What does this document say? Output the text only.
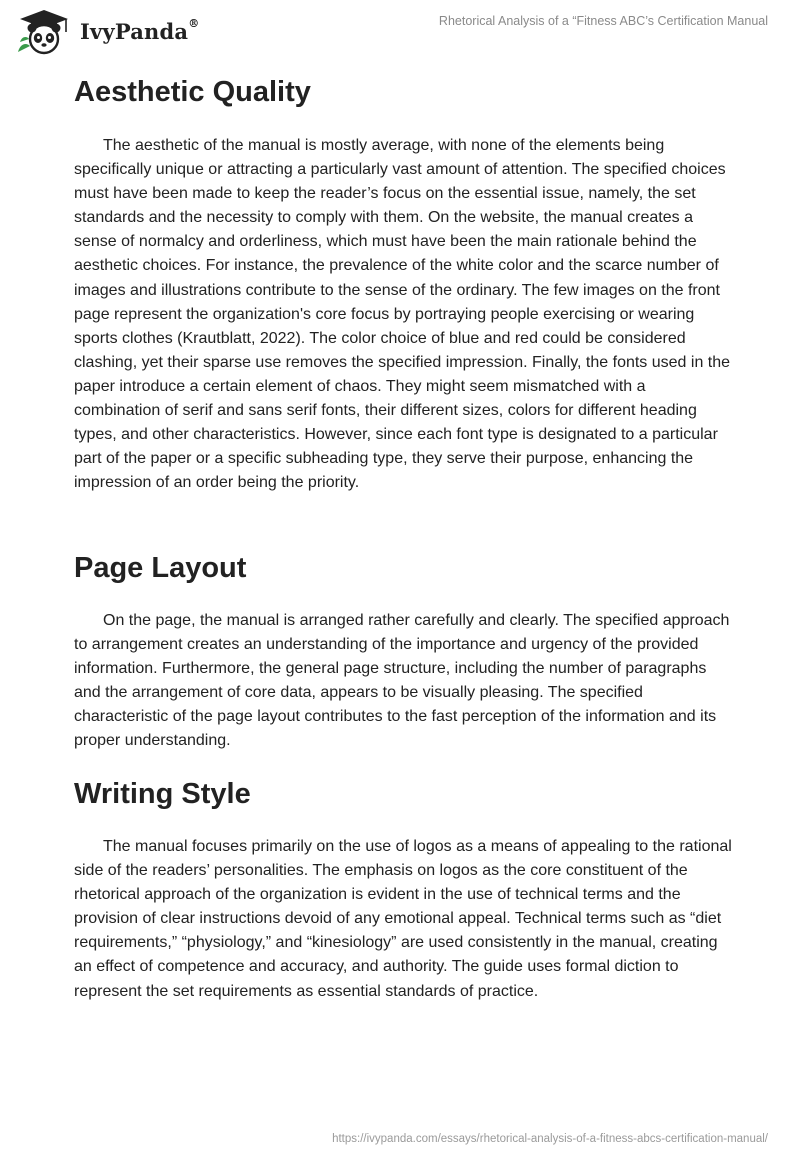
IvyPanda®	Rhetorical Analysis of a “Fitness ABC’s Certification Manual
Aesthetic Quality

The aesthetic of the manual is mostly average, with none of the elements being specifically unique or attracting a particularly vast amount of attention. The specified choices must have been made to keep the reader’s focus on the essential issue, namely, the set standards and the necessity to comply with them. On the website, the manual creates a sense of normalcy and orderliness, which must have been the main rationale behind the aesthetic choices. For instance, the prevalence of the white color and the scarce number of images and illustrations contribute to the sense of the ordinary. The few images on the front page represent the organization's core focus by portraying people exercising or wearing sports clothes (Krautblatt, 2022). The color choice of blue and red could be considered clashing, yet their sparse use removes the specified impression. Finally, the fonts used in the paper introduce a certain element of chaos. They might seem mismatched with a combination of serif and sans serif fonts, their different sizes, colors for different heading types, and other characteristics. However, since each font type is designated to a particular part of the paper or a specific subheading type, they serve their purpose, enhancing the impression of an order being the priority.

Page Layout

On the page, the manual is arranged rather carefully and clearly. The specified approach to arrangement creates an understanding of the importance and urgency of the provided information. Furthermore, the general page structure, including the number of paragraphs and the arrangement of core data, appears to be visually pleasing. The specified characteristic of the page layout contributes to the fast perception of the information and its proper understanding.

Writing Style

The manual focuses primarily on the use of logos as a means of appealing to the rational side of the readers’ personalities. The emphasis on logos as the core constituent of the rhetorical approach of the organization is evident in the use of technical terms and the provision of clear instructions devoid of any emotional appeal. Technical terms such as “diet requirements,” “physiology,” and “kinesiology” are used consistently in the manual, creating an effect of competence and accuracy, and authority. The guide uses formal diction to represent the set requirements as essential standards of practice.

https://ivypanda.com/essays/rhetorical-analysis-of-a-fitness-abcs-certification-manual/
